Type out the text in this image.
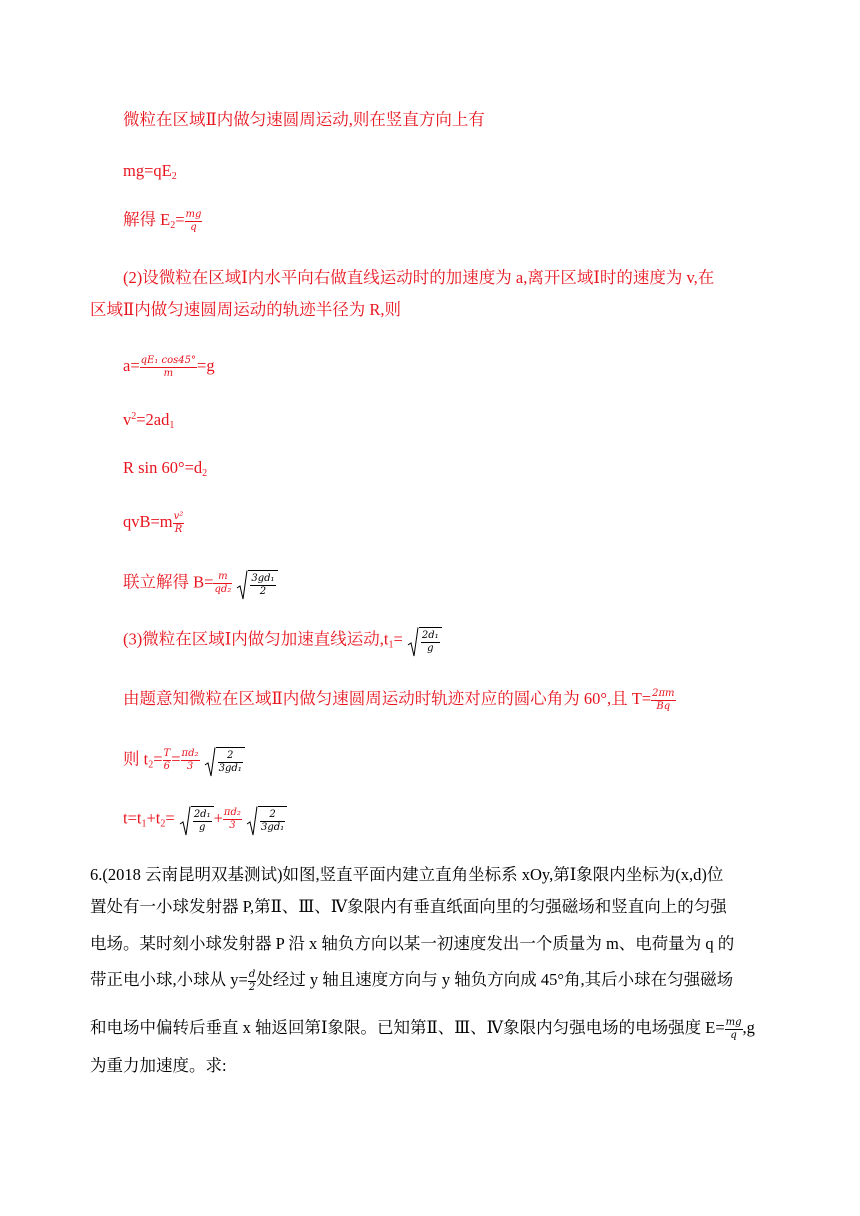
微粒在区域Ⅱ内做匀速圆周运动,则在竖直方向上有
$mg=qE_2$
解得 $E_2= \frac{mg}{q}$
(2)设微粒在区域Ⅰ内水平向右做直线运动时的加速度为 a,离开区域Ⅰ时的速度为 v,在
区域Ⅱ内做匀速圆周运动的轨迹半径为 R,则
$a= \frac{\text{qE₁ cos45°}}{m} =g$
$v^2=2ad_1$
R $\sin 60^\circ=d_2$
$qvB=m \frac{\text{v²}}{R}$
联立解得 $B= \frac{m}{\text{qd₂}}$
$\frac{\text{3gd₁}}{2}$
(3)微粒在区域Ⅰ内做匀加速直线运动$,t_1= \frac{\text{2d₁}}{g}$
由题意知微粒在区域Ⅱ内做匀速圆周运动时轨迹对应的圆心角为 60°,且 $T= \frac{2\pi m}{Bq}$
则 $t_2= \frac{T}{6} = \frac{\text{πd₂}}{3}$
$\frac{2}{\text{3gd₁}}$
$t=t_1+t_2= \frac{\text{2d₁}}{g} + \frac{\text{πd₂}}{3}$
$\frac{2}{\text{3gd₁}}$
6.(2018 云南昆明双基测试)如图,竖直平面内建立直角坐标系 xOy,第Ⅰ象限内坐标为(x,d)位
置处有一小球发射器 P,第Ⅱ、Ⅲ、Ⅳ象限内有垂直纸面向里的匀强磁场和竖直向上的匀强
电场。某时刻小球发射器 P 沿 x 轴负方向以某一初速度发出一个质量为 m、电荷量为 q 的
带正电小球,小球从 $y= \frac{d}{2}$ 处经过 y 轴且速度方向与 y 轴负方向成 45°角,其后小球在匀强磁场
和电场中偏转后垂直 x 轴返回第Ⅰ象限。已知第Ⅱ、Ⅲ、Ⅳ象限内匀强电场的电场强度 $E= \frac{mg}{q} ,g$
为重力加速度。求:
